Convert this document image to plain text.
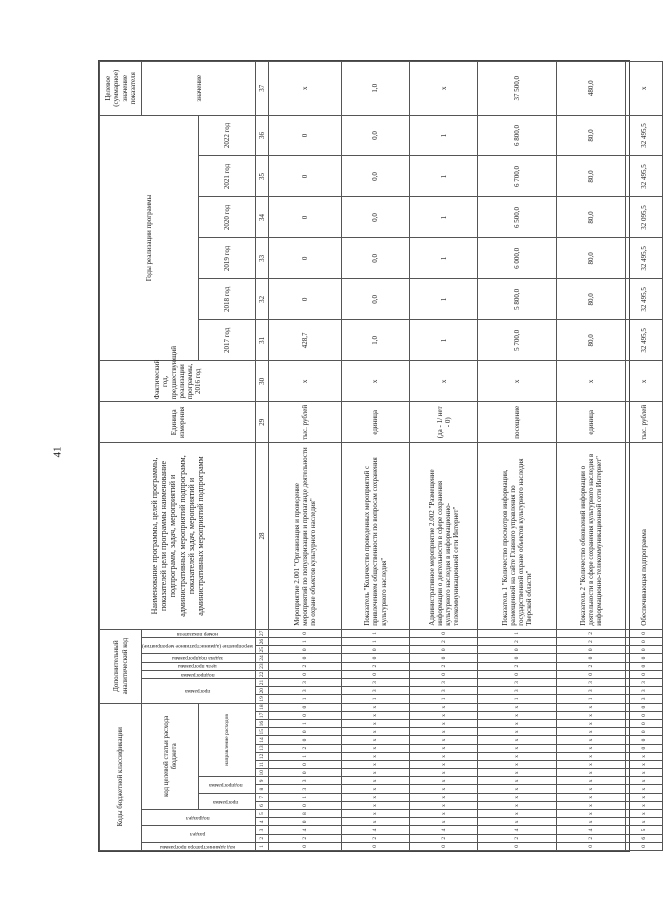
41
Коды бюджетной классификации																		Дополнительный аналитический код									Наименование программы, целей программы, показателей цели программы наименование подпрограмм, задач, мероприятий и административных мероприятий подпрограмм, показателей задач, мероприятий и административных мероприятий подпрограмм	Единица измерения	Фактический год, предшествующий реализации программы, 2016 год	Годы реализации программы						Целевое (суммарное) значение показателя
код администратора программы	раздел		подраздел		код целевой статьи расхода бюджета													программа			подпрограмма	цель программы	задача подпрограммы	мероприятие (административное мероприятие)		номер показателя										значение
					программа		подпрограмма		направление расходов																					2017 год	2018 год	2019 год	2020 год	2021 год	2022 год	
1	2	3	4	5	6	7	8	9	10	11	12	13	14	15	16	17	18	19	20	21	22	23	24	25	26	27	28	29	30	31	32	33	34	35	36	37
0	2	4	0	8	0	1	3	3	0	0	1	2	0	0	1	0	0	1	3	3	0	2	0	0	1	0	Мероприятие 2.001 "Организация и проведение мероприятий по популяризации и пропаганде деятельности по охране объектов культурного наследия"	тыс. рублей	х	428,7	0	0	0	0	0	х
0	2	4	х	х	х	х	х	х	х	х	х	х	х	х	х	х	х	1	3	3	0	2	0	0	1	1	Показатель "Количество проведенных мероприятий с привлечением общественности по вопросам сохранения культурного наследия"	единица	х	1,0	0,0	0,0	0,0	0,0	0,0	1,0
0	2	4	х	х	х	х	х	х	х	х	х	х	х	х	х	х	х	1	3	3	0	2	0	0	2	0	Административное мероприятие 2.002 "Размещение информации о деятельности в сфере сохранения культурного наследия в информационно-телекоммуникационной сети Интернет"	(да - 1/ нет - 0)	х	1	1	1	1	1	1	х
0	2	4	х	х	х	х	х	х	х	х	х	х	х	х	х	х	х	1	3	3	0	2	0	0	2	1	Показатель 1 "Количество просмотров информации, размещенной на сайте Главного управления по государственной охране объектов культурного наследия Тверской области"	посещение	х	5 700,0	5 800,0	6 000,0	6 500,0	6 700,0	6 800,0	37 500,0
0	2	4	х	х	х	х	х	х	х	х	х	х	х	х	х	х	х	1	3	3	0	2	0	0	2	2	Показатель 2 "Количество обновлений информации о деятельности в сфере сохранения культурного наследия в информационно-телекоммуникационной сети Интернет"	единица	х	80,0	80,0	80,0	80,0	80,0	80,0	480,0
0	6	5	х	х	х	х	х	х	х	х	х	0	0	0	0	0	0	3	3	3	0	0	0	0	0	0	Обеспечивающая подпрограмма	тыс. рублей	х	32 495,5	32 495,5	32 495,5	32 095,5	32 495,5	32 495,5	х
